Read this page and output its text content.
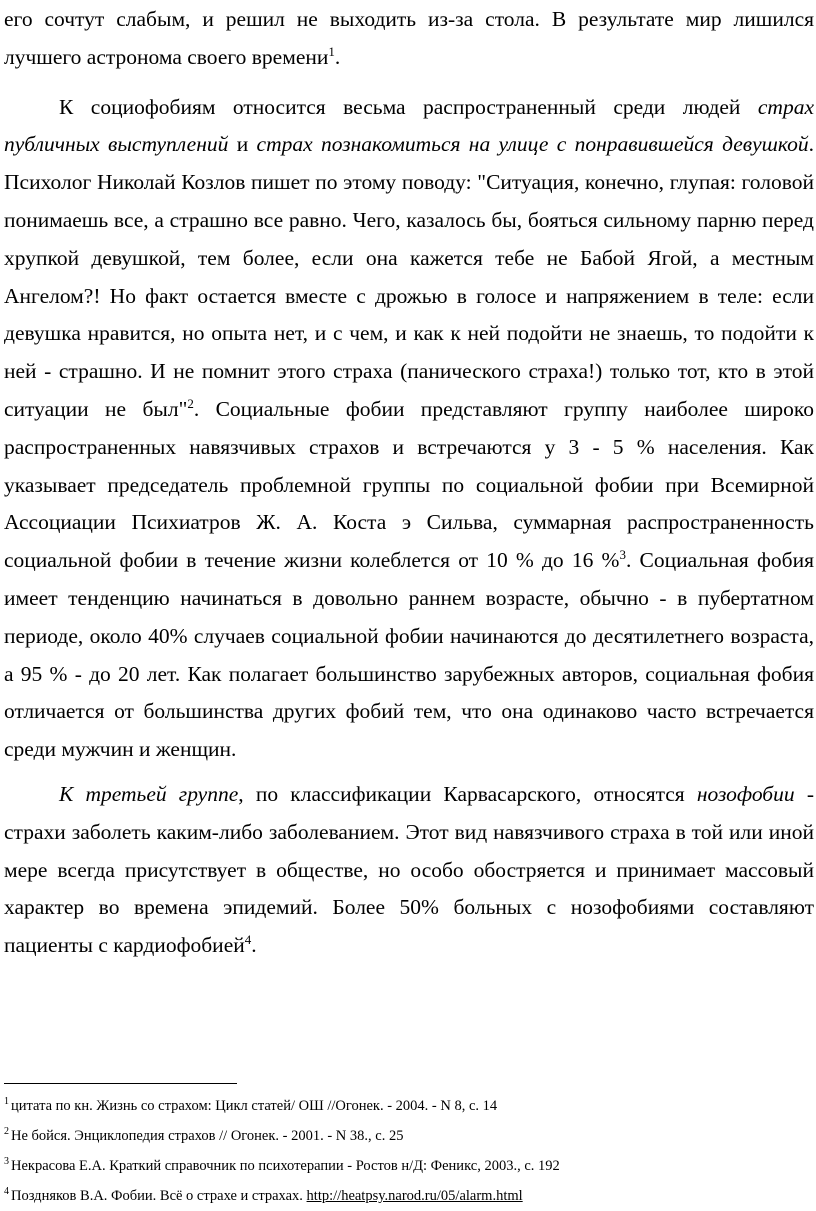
его сочтут слабым, и решил не выходить из-за стола. В результате мир лишился лучшего астронома своего времени$^1$.

К социофобиям относится весьма распространенный среди людей страх публичных выступлений и страх познакомиться на улице с понравившейся девушкой. Психолог Николай Козлов пишет по этому поводу: "Ситуация, конечно, глупая: головой понимаешь все, а страшно все равно. Чего, казалось бы, бояться сильному парню перед хрупкой девушкой, тем более, если она кажется тебе не Бабой Ягой, а местным Ангелом?! Но факт остается вместе с дрожью в голосе и напряжением в теле: если девушка нравится, но опыта нет, и с чем, и как к ней подойти не знаешь, то подойти к ней - страшно. И не помнит этого страха (панического страха!) только тот, кто в этой ситуации не был"$^2$. Социальные фобии представляют группу наиболее широко распространенных навязчивых страхов и встречаются у 3 - 5 % населения. Как указывает председатель проблемной группы по социальной фобии при Всемирной Ассоциации Психиатров Ж. А. Коста э Сильва, суммарная распространенность социальной фобии в течение жизни колеблется от 10 % до 16 %$^3$. Социальная фобия имеет тенденцию начинаться в довольно раннем возрасте, обычно - в пубертатном периоде, около 40% случаев социальной фобии начинаются до десятилетнего возраста, а 95 % - до 20 лет. Как полагает большинство зарубежных авторов, социальная фобия отличается от большинства других фобий тем, что она одинаково часто встречается среди мужчин и женщин.

К третьей группе, по классификации Карвасарского, относятся нозофобии - страхи заболеть каким-либо заболеванием. Этот вид навязчивого страха в той или иной мере всегда присутствует в обществе, но особо обостряется и принимает массовый характер во времена эпидемий. Более 50% больных с нозофобиями составляют пациенты с кардиофобией$^4$.

$^1$ цитата по кн. Жизнь со страхом: Цикл статей/ ОШ //Огонек. - 2004. - N 8, с. 14

$^2$ Не бойся. Энциклопедия страхов // Огонек. - 2001. - N 38., с. 25

$^3$ Некрасова Е.А. Краткий справочник по психотерапии - Ростов н/Д: Феникс, 2003., с. 192

$^4$ Поздняков В.А. Фобии. Всё о страхе и страхах. http://heatpsy.narod.ru/05/alarm.html
